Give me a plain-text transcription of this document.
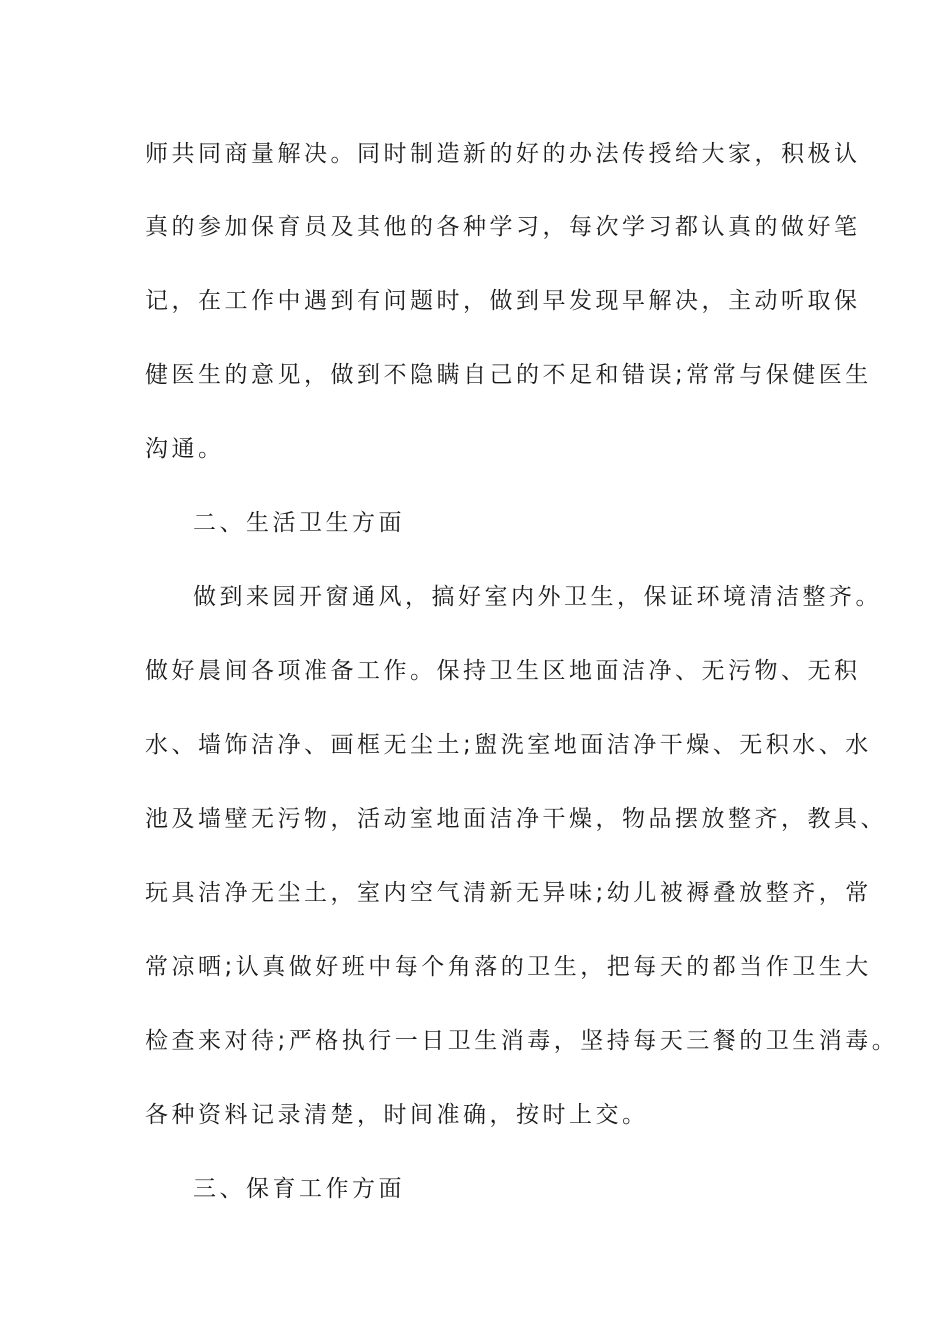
师共同商量解决。同时制造新的好的办法传授给大家，积极认
真的参加保育员及其他的各种学习，每次学习都认真的做好笔
记，在工作中遇到有问题时，做到早发现早解决，主动听取保
健医生的意见，做到不隐瞒自己的不足和错误;常常与保健医生
沟通。
二、生活卫生方面
做到来园开窗通风，搞好室内外卫生，保证环境清洁整齐。
做好晨间各项准备工作。保持卫生区地面洁净、无污物、无积
水、墙饰洁净、画框无尘土;盥洗室地面洁净干燥、无积水、水
池及墙壁无污物，活动室地面洁净干燥，物品摆放整齐，教具、
玩具洁净无尘土，室内空气清新无异味;幼儿被褥叠放整齐，常
常凉晒;认真做好班中每个角落的卫生，把每天的都当作卫生大
检查来对待;严格执行一日卫生消毒，坚持每天三餐的卫生消毒。
各种资料记录清楚，时间准确，按时上交。
三、保育工作方面
